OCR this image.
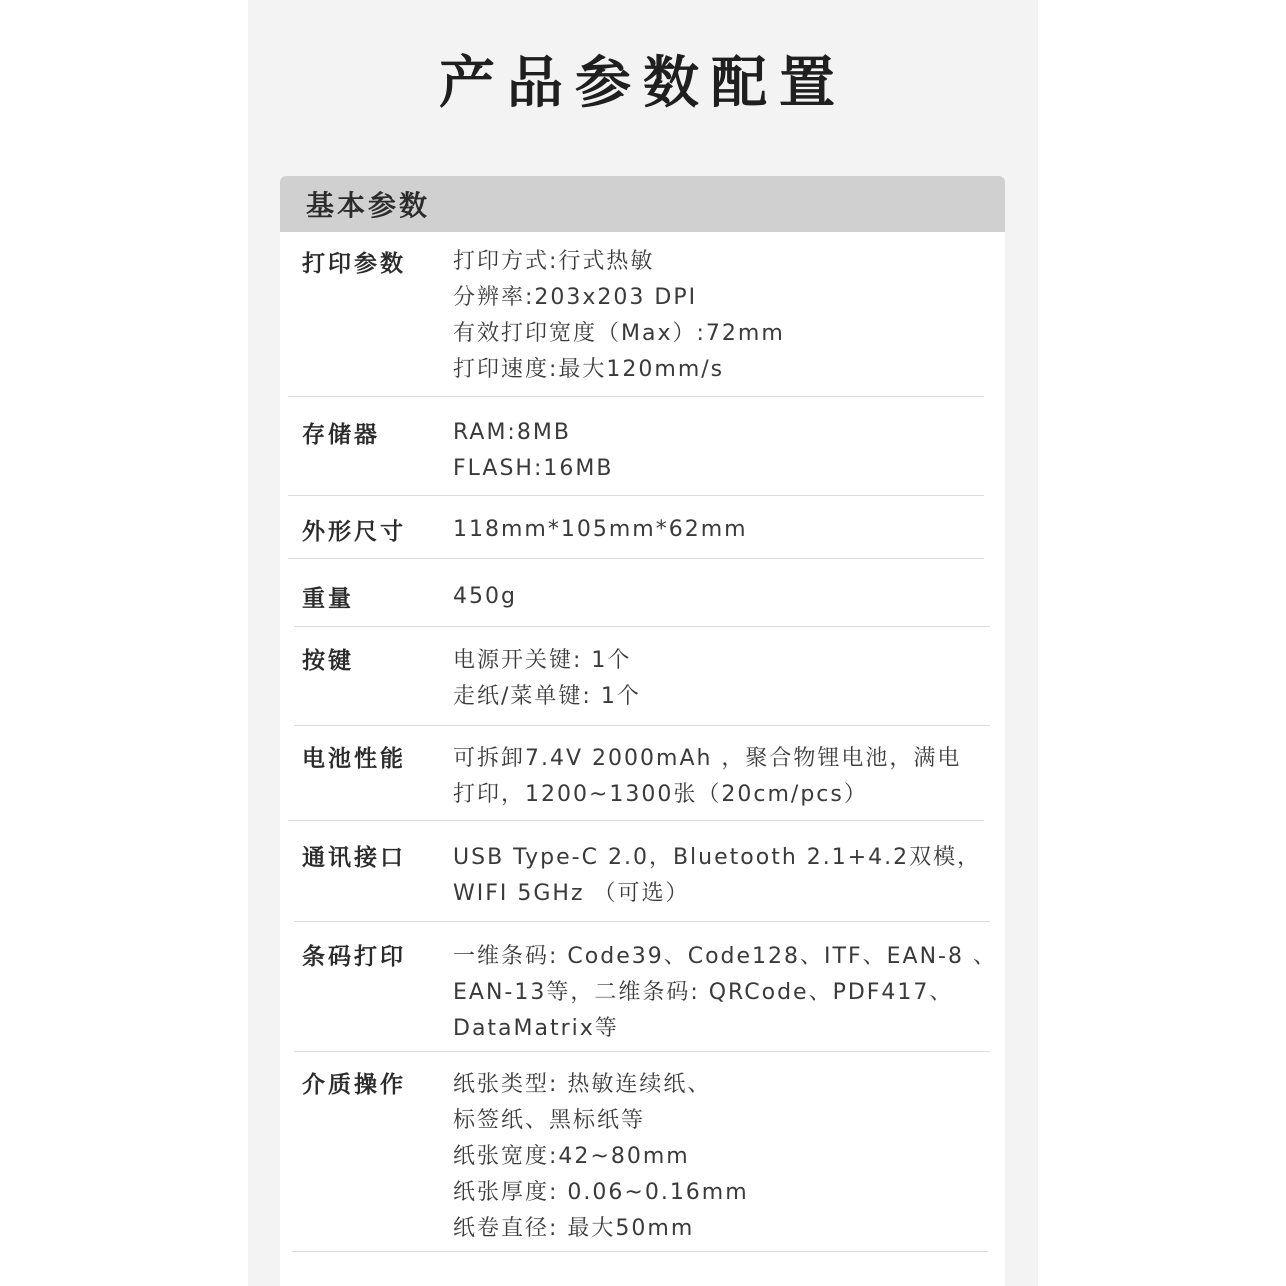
产品参数配置
基本参数
打印参数 打印方式:行式热敏
分辨率:203x203 DPI
有效打印宽度（Max）:72mm
打印速度:最大120mm/s
存储器	RAM:8MB
FLASH:16MB
外形尺寸 118mm*105mm*62mm
重量	450g
按键	电源开关键: 1个
走纸/菜单键: 1个
电池性能 可拆卸7.4V 2000mAh ，聚合物锂电池，满电
打印，1200~1300张（20cm/pcs）
通讯接口 USB Type-C 2.0，Bluetooth 2.1+4.2双模，
WIFI 5GHz （可选）
条码打印 一维条码: Code39、Code128、ITF、EAN-8 、
EAN-13等，二维条码: QRCode、PDF417、
DataMatrix等
介质操作 纸张类型: 热敏连续纸、
标签纸、黑标纸等
纸张宽度:42~80mm
纸张厚度: 0.06~0.16mm
纸卷直径: 最大50mm
